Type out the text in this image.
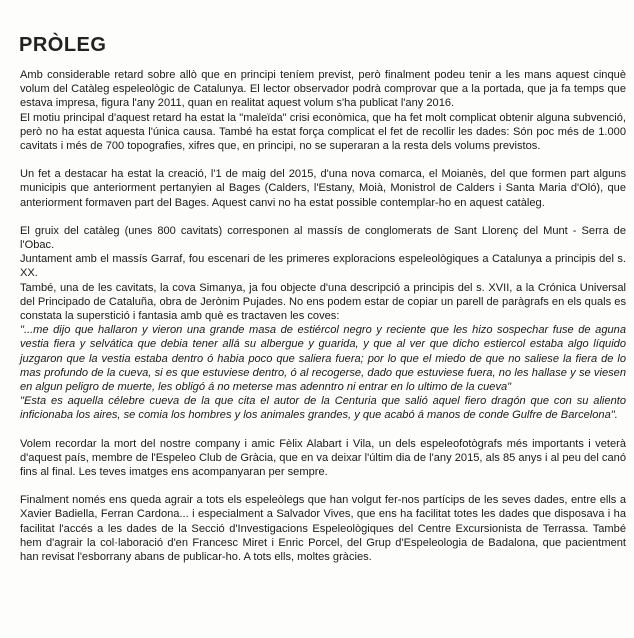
PRÒLEG

Amb considerable retard sobre allò que en principi teníem previst, però finalment podeu tenir a les mans aquest cinquè volum del Catàleg espeleològic de Catalunya. El lector observador podrà comprovar que a la portada, que ja fa temps que estava impresa, figura l'any 2011, quan en realitat aquest volum s'ha publicat l'any 2016.

El motiu principal d'aquest retard ha estat la "maleïda" crisi econòmica, que ha fet molt complicat obtenir alguna subvenció, però no ha estat aquesta l'única causa. També ha estat força complicat el fet de recollir les dades: Són poc més de 1.000 cavitats i més de 700 topografies, xifres que, en principi, no se superaran a la resta dels volums previstos.

Un fet a destacar ha estat la creació, l'1 de maig del 2015, d'una nova comarca, el Moianès, del que formen part alguns municipis que anteriorment pertanyien al Bages (Calders, l'Estany, Moià, Monistrol de Calders i Santa Maria d'Oló), que anteriorment formaven part del Bages. Aquest canvi no ha estat possible contemplar-ho en aquest catàleg.

El gruix del catàleg (unes 800 cavitats) corresponen al massís de conglomerats de Sant Llorenç del Munt - Serra de l'Obac.

Juntament amb el massís Garraf, fou escenari de les primeres exploracions espeleològiques a Catalunya a principis del s. XX.

També, una de les cavitats, la cova Simanya, ja fou objecte d'una descripció a principis del s. XVII, a la Crónica Universal del Principado de Cataluña, obra de Jerònim Pujades. No ens podem estar de copiar un parell de paràgrafs en els quals es constata la superstició i fantasia amb què es tractaven les coves:

"...me dijo que hallaron y vieron una grande masa de estiércol negro y reciente que les hizo sospechar fuse de aguna vestia fiera y selvática que debia tener allá su albergue y guarida, y que al ver que dicho estiercol estaba algo líquido juzgaron que la vestia estaba dentro ó habia poco que saliera fuera; por lo que el miedo de que no saliese la fiera de lo mas profundo de la cueva, si es que estuviese dentro, ó al recogerse, dado que estuviese fuera, no les hallase y se viesen en algun peligro de muerte, les obligó á no meterse mas adenntro ni entrar en lo ultimo de la cueva"

"Esta es aquella célebre cueva de la que cita el autor de la Centuria que salió aquel fiero dragón que con su aliento inficionaba los aires, se comia los hombres y los animales grandes, y que acabó á manos de conde Gulfre de Barcelona".

Volem recordar la mort del nostre company i amic Fèlix Alabart i Vila, un dels espeleofotògrafs més importants i veterà d'aquest país, membre de l'Espeleo Club de Gràcia, que en va deixar l'últim dia de l'any 2015, als 85 anys i al peu del canó fins al final. Les teves imatges ens acompanyaran per sempre.

Finalment només ens queda agrair a tots els espeleòlegs que han volgut fer-nos partícips de les seves dades, entre ells a Xavier Badiella, Ferran Cardona... i especialment a Salvador Vives, que ens ha facilitat totes les dades que disposava i ha facilitat l'accés a les dades de la Secció d'Investigacions Espeleològiques del Centre Excursionista de Terrassa. També hem d'agrair la col·laboració d'en Francesc Miret i Enric Porcel, del Grup d'Espeleologia de Badalona, que pacientment han revisat l'esborrany abans de publicar-ho. A tots ells, moltes gràcies.
